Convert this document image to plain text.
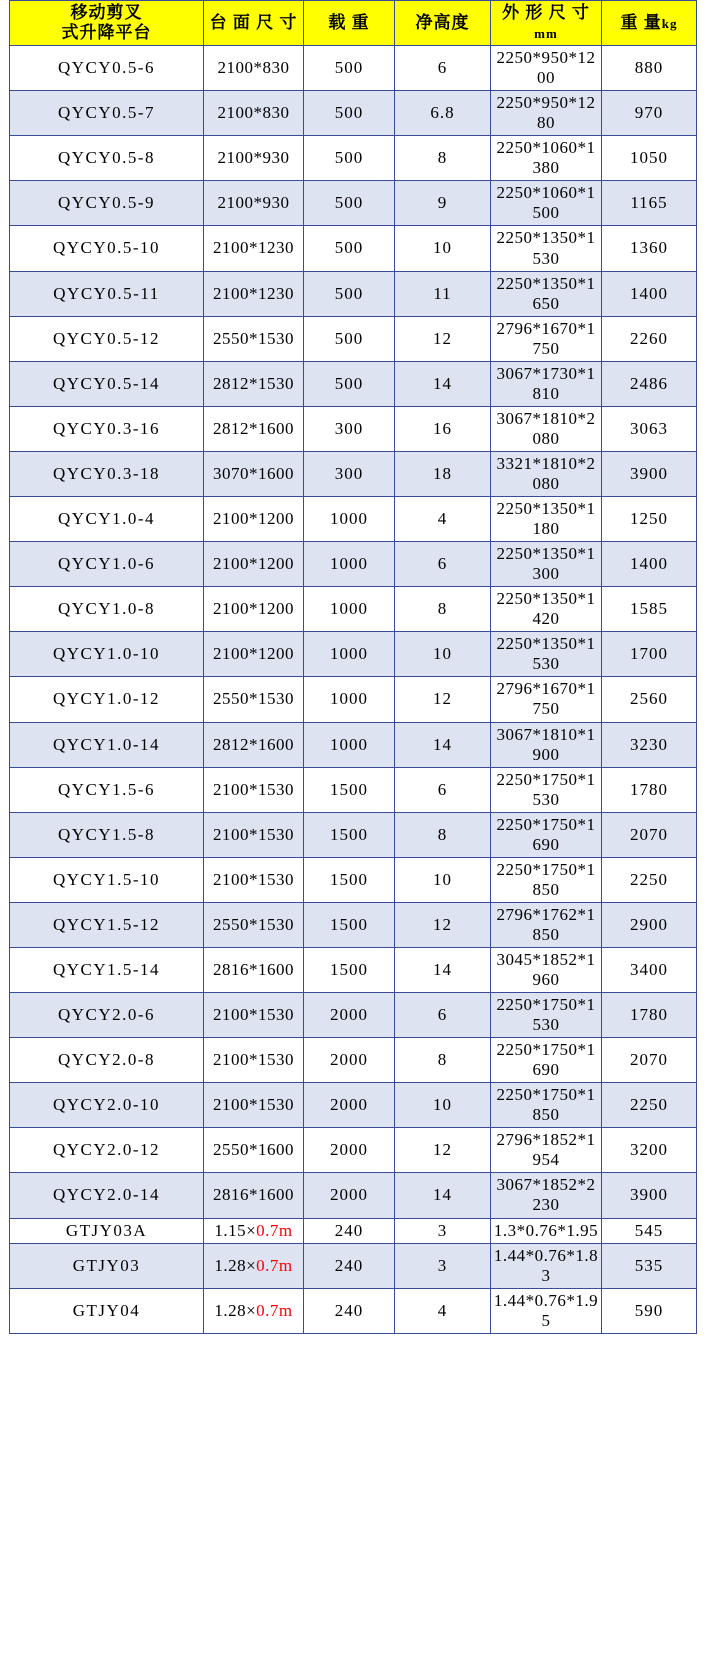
移动剪叉
式升降平台	台 面 尺 寸	载 重	净高度	外 形 尺 寸mm	重 量kg

QYCY0.5-6	2100*830	500	6	2250*950*1200	880
QYCY0.5-7	2100*830	500	6.8	2250*950*1280	970
QYCY0.5-8	2100*930	500	8	2250*1060*1380	1050
QYCY0.5-9	2100*930	500	9	2250*1060*1500	1165
QYCY0.5-10	2100*1230	500	10	2250*1350*1530	1360
QYCY0.5-11	2100*1230	500	11	2250*1350*1650	1400
QYCY0.5-12	2550*1530	500	12	2796*1670*1750	2260
QYCY0.5-14	2812*1530	500	14	3067*1730*1810	2486
QYCY0.3-16	2812*1600	300	16	3067*1810*2080	3063
QYCY0.3-18	3070*1600	300	18	3321*1810*2080	3900
QYCY1.0-4	2100*1200	1000	4	2250*1350*1180	1250
QYCY1.0-6	2100*1200	1000	6	2250*1350*1300	1400
QYCY1.0-8	2100*1200	1000	8	2250*1350*1420	1585
QYCY1.0-10	2100*1200	1000	10	2250*1350*1530	1700
QYCY1.0-12	2550*1530	1000	12	2796*1670*1750	2560
QYCY1.0-14	2812*1600	1000	14	3067*1810*1900	3230
QYCY1.5-6	2100*1530	1500	6	2250*1750*1530	1780
QYCY1.5-8	2100*1530	1500	8	2250*1750*1690	2070
QYCY1.5-10	2100*1530	1500	10	2250*1750*1850	2250
QYCY1.5-12	2550*1530	1500	12	2796*1762*1850	2900
QYCY1.5-14	2816*1600	1500	14	3045*1852*1960	3400
QYCY2.0-6	2100*1530	2000	6	2250*1750*1530	1780
QYCY2.0-8	2100*1530	2000	8	2250*1750*1690	2070
QYCY2.0-10	2100*1530	2000	10	2250*1750*1850	2250
QYCY2.0-12	2550*1600	2000	12	2796*1852*1954	3200
QYCY2.0-14	2816*1600	2000	14	3067*1852*2230	3900
GTJY03A	1.15×0.7m	240	3	1.3*0.76*1.95	545
GTJY03	1.28×0.7m	240	3	1.44*0.76*1.83	535
GTJY04	1.28×0.7m	240	4	1.44*0.76*1.95	590
